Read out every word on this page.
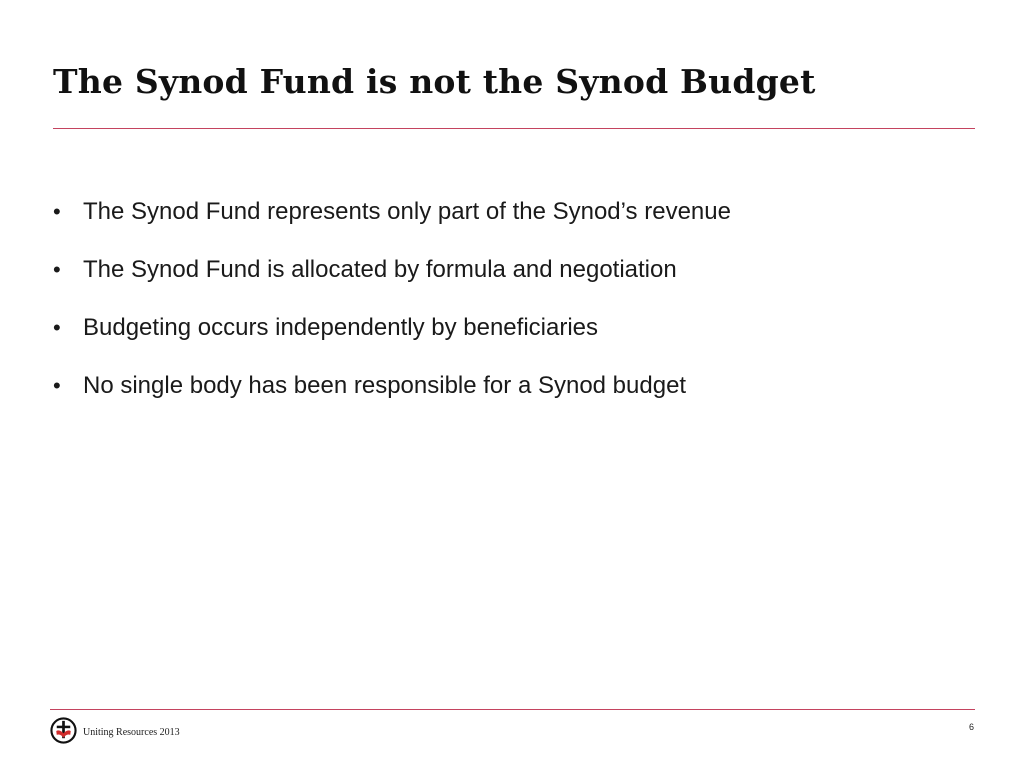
The Synod Fund is not the Synod Budget
• The Synod Fund represents only part of the Synod’s revenue
• The Synod Fund is allocated by formula and negotiation
• Budgeting occurs independently by beneficiaries
• No single body has been responsible for a Synod budget
Uniting Resources 2013	6
